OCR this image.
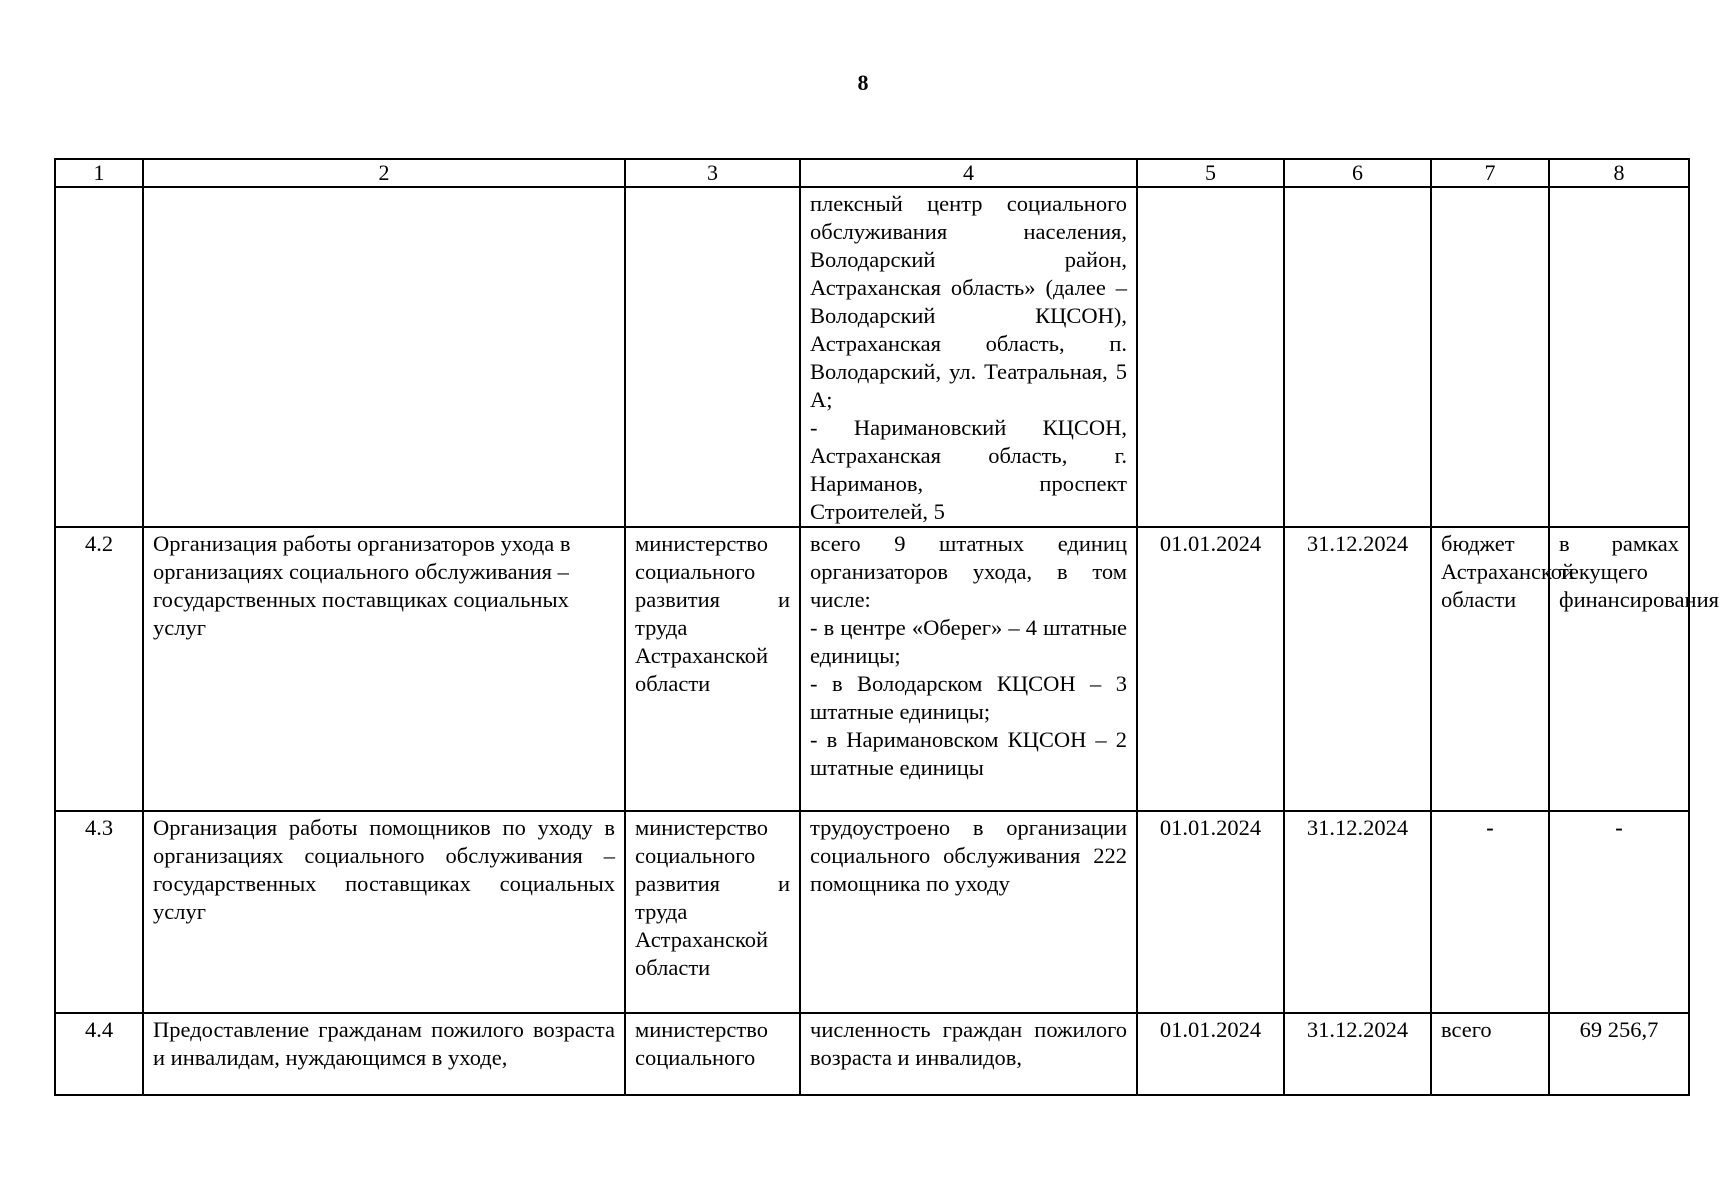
8
1	2	3	4	5	6	7	8
			плексный центр социального обслуживания населения, Володарский район, Астраханская область» (далее – Володарский КЦСОН), Астраханская область, п. Володарский, ул. Театральная, 5 А;
- Наримановский КЦСОН, Астраханская область, г. Нариманов, проспект Строителей, 5				
4.2	Организация работы организаторов ухода в организациях социального обслуживания – государственных поставщиках социальных услуг	министерство социального развития и труда Астраханской области	всего 9 штатных единиц организаторов ухода, в том числе:
- в центре «Оберег» – 4 штатные единицы;
- в Володарском КЦСОН – 3 штатные единицы;
- в Наримановском КЦСОН – 2 штатные единицы	01.01.2024	31.12.2024	бюджет Астраханской области	в рамках текущего финансирования
4.3	Организация работы помощников по уходу в организациях социального обслуживания – государственных поставщиках социальных услуг	министерство социального развития и труда Астраханской области	трудоустроено в организации социального обслуживания 222 помощника по уходу	01.01.2024	31.12.2024	-	-
4.4	Предоставление гражданам пожилого возраста и инвалидам, нуждающимся в уходе,	министерство социального	численность граждан пожилого возраста и инвалидов,	01.01.2024	31.12.2024	всего	69 256,7
